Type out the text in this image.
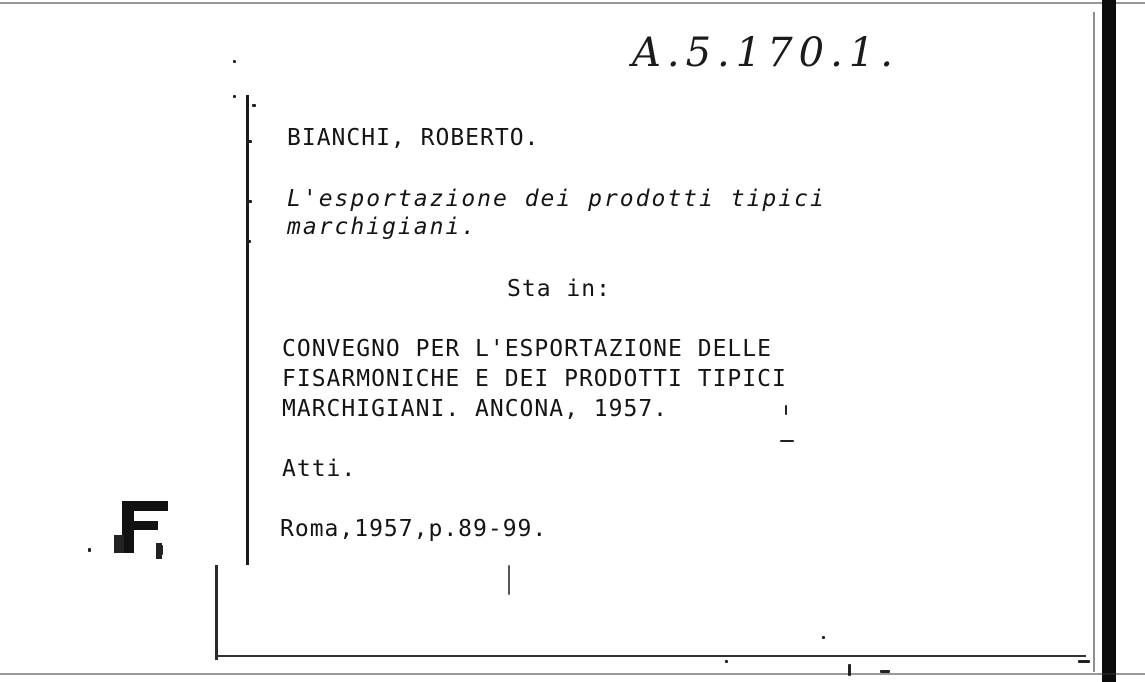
A.5.170.1.
BIANCHI, ROBERTO.
L'esportazione dei prodotti tipici
marchigiani.
Sta in:
CONVEGNO PER L'ESPORTAZIONE DELLE
FISARMONICHE E DEI PRODOTTI TIPICI
MARCHIGIANI. ANCONA, 1957.
Atti.
Roma,1957,p.89-99.
